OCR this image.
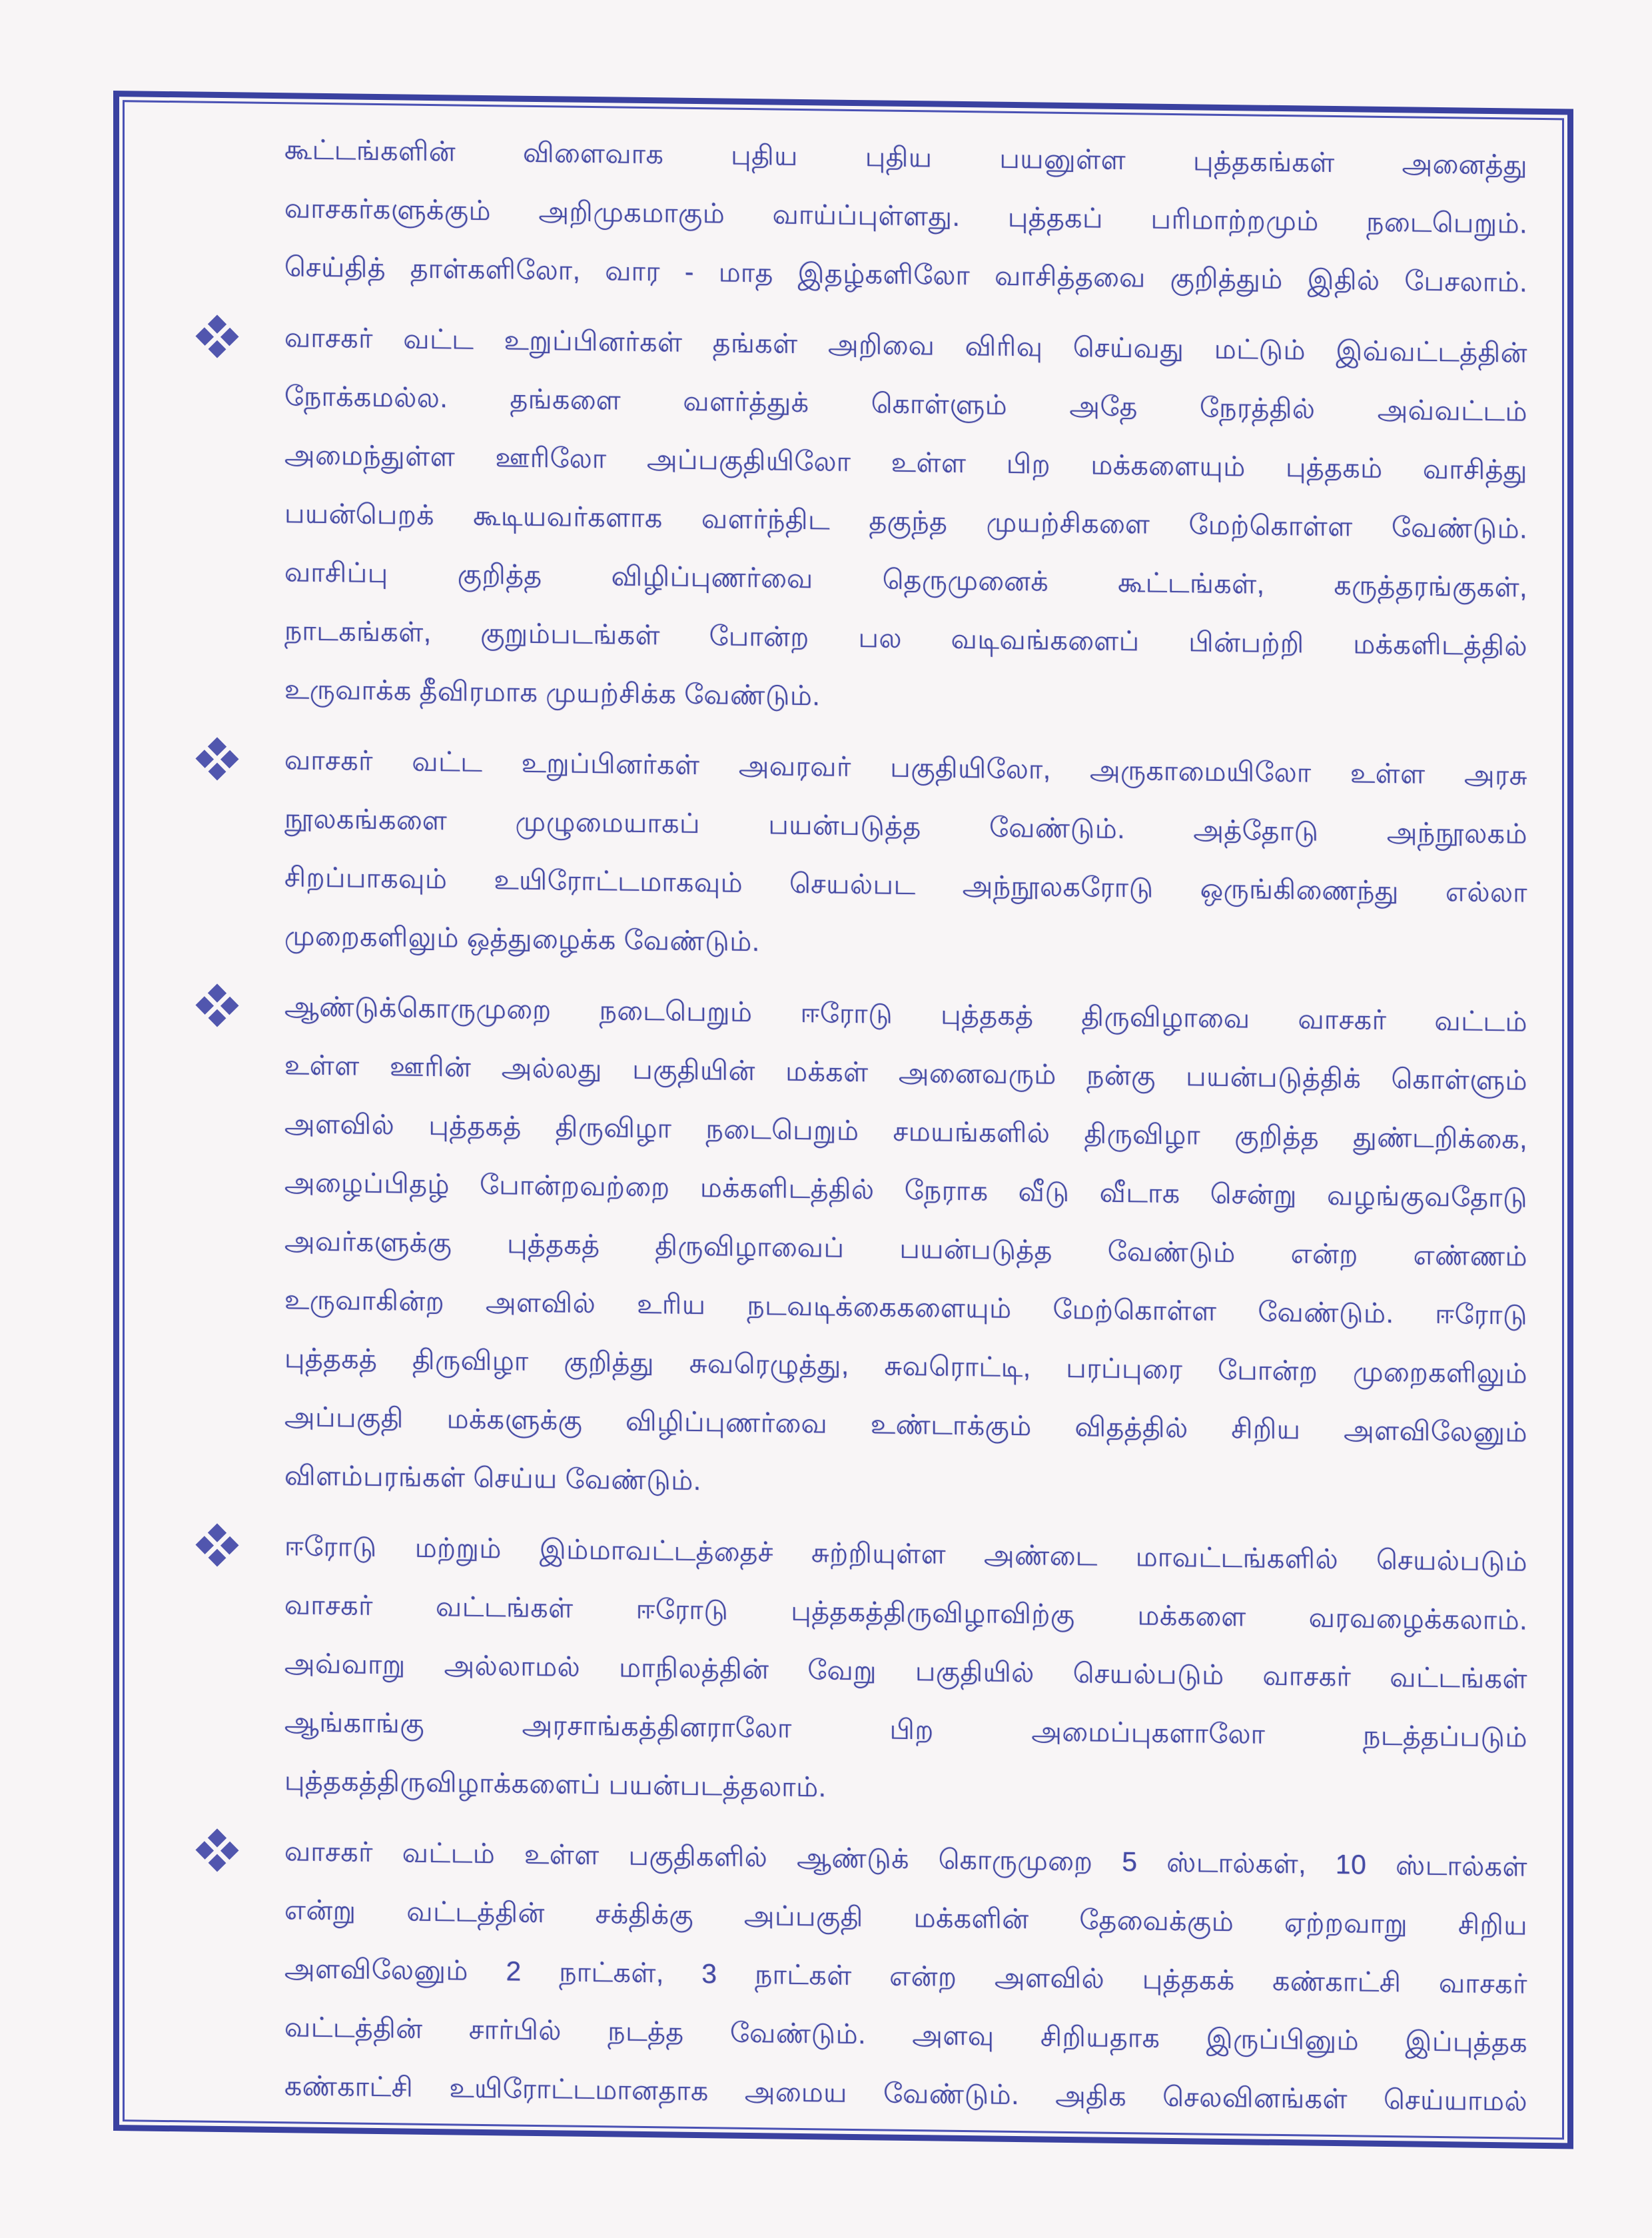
கூட்டங்களின் விளைவாக புதிய புதிய பயனுள்ள புத்தகங்கள் அனைத்து
வாசகர்களுக்கும் அறிமுகமாகும் வாய்ப்புள்ளது. புத்தகப் பரிமாற்றமும் நடைபெறும்.
செய்தித் தாள்களிலோ, வார - மாத இதழ்களிலோ வாசித்தவை குறித்தும் இதில் பேசலாம்.
வாசகர் வட்ட உறுப்பினர்கள் தங்கள் அறிவை விரிவு செய்வது மட்டும் இவ்வட்டத்தின்
நோக்கமல்ல. தங்களை வளர்த்துக் கொள்ளும் அதே நேரத்தில் அவ்வட்டம்
அமைந்துள்ள ஊரிலோ அப்பகுதியிலோ உள்ள பிற மக்களையும் புத்தகம் வாசித்து
பயன்பெறக் கூடியவர்களாக வளர்ந்திட தகுந்த முயற்சிகளை மேற்கொள்ள வேண்டும்.
வாசிப்பு குறித்த விழிப்புணர்வை தெருமுனைக் கூட்டங்கள், கருத்தரங்குகள்,
நாடகங்கள், குறும்படங்கள் போன்ற பல வடிவங்களைப் பின்பற்றி மக்களிடத்தில்
உருவாக்க தீவிரமாக முயற்சிக்க வேண்டும்.
வாசகர் வட்ட உறுப்பினர்கள் அவரவர் பகுதியிலோ, அருகாமையிலோ உள்ள அரசு
நூலகங்களை முழுமையாகப் பயன்படுத்த வேண்டும். அத்தோடு அந்நூலகம்
சிறப்பாகவும் உயிரோட்டமாகவும் செயல்பட அந்நூலகரோடு ஒருங்கிணைந்து எல்லா
முறைகளிலும் ஒத்துழைக்க வேண்டும்.
ஆண்டுக்கொருமுறை நடைபெறும் ஈரோடு புத்தகத் திருவிழாவை வாசகர் வட்டம்
உள்ள ஊரின் அல்லது பகுதியின் மக்கள் அனைவரும் நன்கு பயன்படுத்திக் கொள்ளும்
அளவில் புத்தகத் திருவிழா நடைபெறும் சமயங்களில் திருவிழா குறித்த துண்டறிக்கை,
அழைப்பிதழ் போன்றவற்றை மக்களிடத்தில் நேராக வீடு வீடாக சென்று வழங்குவதோடு
அவர்களுக்கு புத்தகத் திருவிழாவைப் பயன்படுத்த வேண்டும் என்ற எண்ணம்
உருவாகின்ற அளவில் உரிய நடவடிக்கைகளையும் மேற்கொள்ள வேண்டும். ஈரோடு
புத்தகத் திருவிழா குறித்து சுவரெழுத்து, சுவரொட்டி, பரப்புரை போன்ற முறைகளிலும்
அப்பகுதி மக்களுக்கு விழிப்புணர்வை உண்டாக்கும் விதத்தில் சிறிய அளவிலேனும்
விளம்பரங்கள் செய்ய வேண்டும்.
ஈரோடு மற்றும் இம்மாவட்டத்தைச் சுற்றியுள்ள அண்டை மாவட்டங்களில் செயல்படும்
வாசகர் வட்டங்கள் ஈரோடு புத்தகத்திருவிழாவிற்கு மக்களை வரவழைக்கலாம்.
அவ்வாறு அல்லாமல் மாநிலத்தின் வேறு பகுதியில் செயல்படும் வாசகர் வட்டங்கள்
ஆங்காங்கு அரசாங்கத்தினராலோ பிற அமைப்புகளாலோ நடத்தப்படும்
புத்தகத்திருவிழாக்களைப் பயன்படத்தலாம்.
வாசகர் வட்டம் உள்ள பகுதிகளில் ஆண்டுக் கொருமுறை 5 ஸ்டால்கள், 10 ஸ்டால்கள்
என்று வட்டத்தின் சக்திக்கு அப்பகுதி மக்களின் தேவைக்கும் ஏற்றவாறு சிறிய
அளவிலேனும் 2 நாட்கள், 3 நாட்கள் என்ற அளவில் புத்தகக் கண்காட்சி வாசகர்
வட்டத்தின் சார்பில் நடத்த வேண்டும். அளவு சிறியதாக இருப்பினும் இப்புத்தக
கண்காட்சி உயிரோட்டமானதாக அமைய வேண்டும். அதிக செலவினங்கள் செய்யாமல்
